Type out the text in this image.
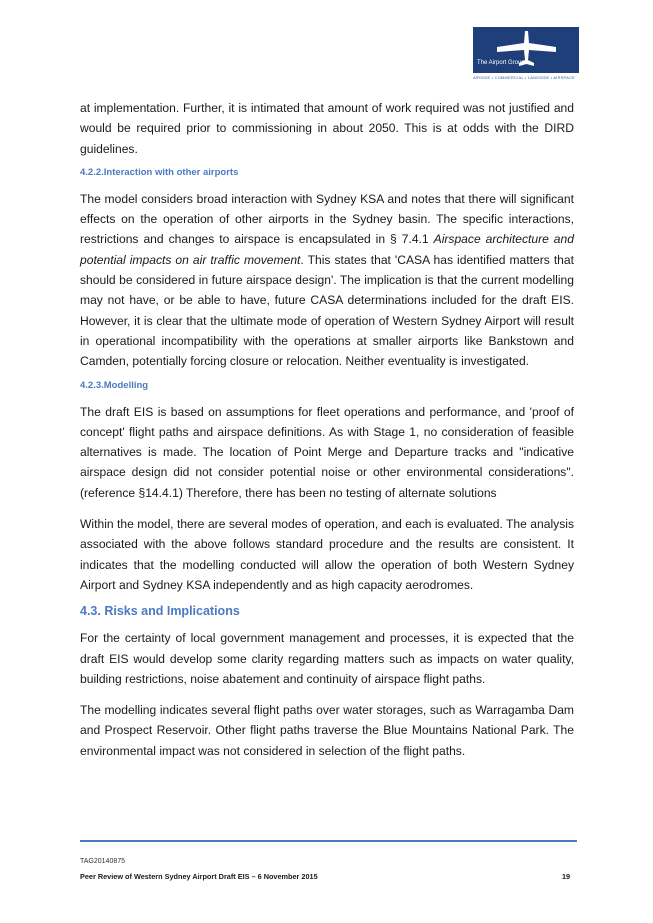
The Airport Group
AIRSIDE • COMMERCIAL • LANDSIDE • AIRSPACE

at implementation. Further, it is intimated that amount of work required was not justified and would be required prior to commissioning in about 2050. This is at odds with the DIRD guidelines.

4.2.2.Interaction with other airports

The model considers broad interaction with Sydney KSA and notes that there will significant effects on the operation of other airports in the Sydney basin. The specific interactions, restrictions and changes to airspace is encapsulated in § 7.4.1 Airspace architecture and potential impacts on air traffic movement. This states that 'CASA has identified matters that should be considered in future airspace design'. The implication is that the current modelling may not have, or be able to have, future CASA determinations included for the draft EIS. However, it is clear that the ultimate mode of operation of Western Sydney Airport will result in operational incompatibility with the operations at smaller airports like Bankstown and Camden, potentially forcing closure or relocation. Neither eventuality is investigated.

4.2.3.Modelling

The draft EIS is based on assumptions for fleet operations and performance, and 'proof of concept' flight paths and airspace definitions. As with Stage 1, no consideration of feasible alternatives is made. The location of Point Merge and Departure tracks and "indicative airspace design did not consider potential noise or other environmental considerations". (reference §14.4.1) Therefore, there has been no testing of alternate solutions

Within the model, there are several modes of operation, and each is evaluated. The analysis associated with the above follows standard procedure and the results are consistent. It indicates that the modelling conducted will allow the operation of both Western Sydney Airport and Sydney KSA independently and as high capacity aerodromes.

4.3. Risks and Implications

For the certainty of local government management and processes, it is expected that the draft EIS would develop some clarity regarding matters such as impacts on water quality, building restrictions, noise abatement and continuity of airspace flight paths.

The modelling indicates several flight paths over water storages, such as Warragamba Dam and Prospect Reservoir. Other flight paths traverse the Blue Mountains National Park. The environmental impact was not considered in selection of the flight paths.

TAG20140875
Peer Review of Western Sydney Airport Draft EIS – 6 November 2015	19
